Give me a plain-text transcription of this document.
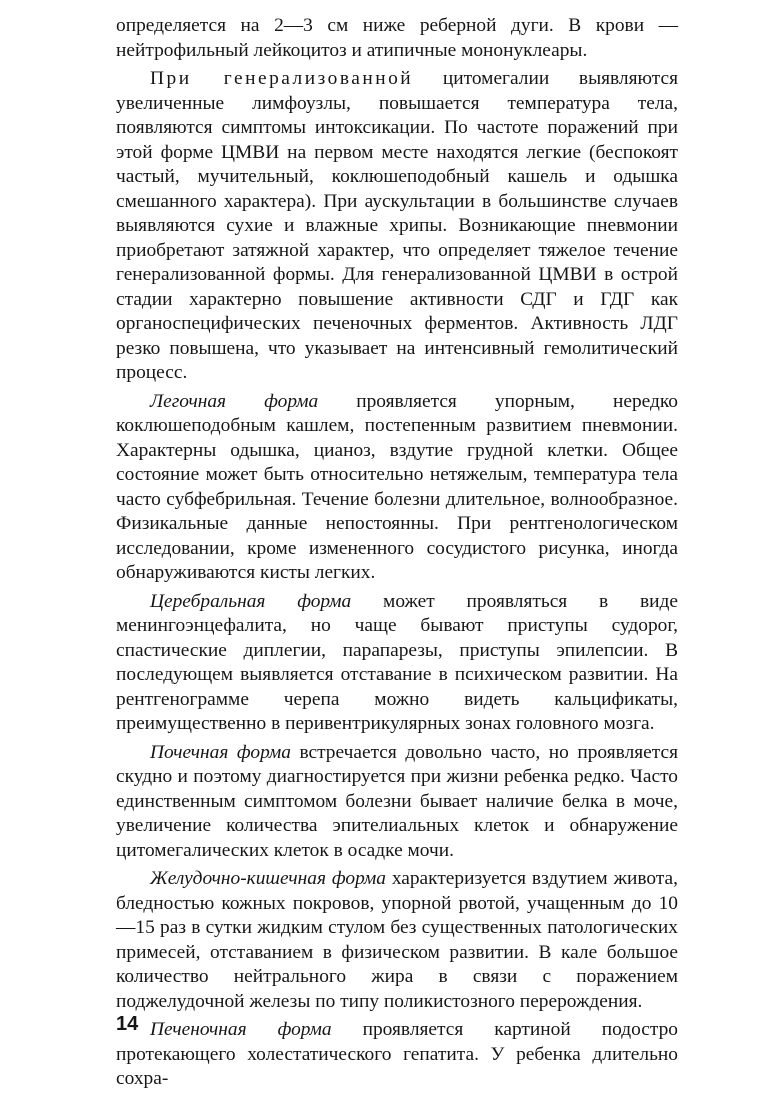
определяется на 2—3 см ниже реберной дуги. В крови — нейтрофильный лейкоцитоз и атипичные мононуклеары.

При генерализованной цитомегалии выявляются увеличенные лимфоузлы, повышается температура тела, появляются симптомы интоксикации. По частоте поражений при этой форме ЦМВИ на первом месте находятся легкие (беспокоят частый, мучительный, коклюшеподобный кашель и одышка смешанного характера). При аускультации в большинстве случаев выявляются сухие и влажные хрипы. Возникающие пневмонии приобретают затяжной характер, что определяет тяжелое течение генерализованной формы. Для генерализованной ЦМВИ в острой стадии характерно повышение активности СДГ и ГДГ как органоспецифических печеночных ферментов. Активность ЛДГ резко повышена, что указывает на интенсивный гемолитический процесс.

Легочная форма проявляется упорным, нередко коклюшеподобным кашлем, постепенным развитием пневмонии. Характерны одышка, цианоз, вздутие грудной клетки. Общее состояние может быть относительно нетяжелым, температура тела часто субфебрильная. Течение болезни длительное, волнообразное. Физикальные данные непостоянны. При рентгенологическом исследовании, кроме измененного сосудистого рисунка, иногда обнаруживаются кисты легких.

Церебральная форма может проявляться в виде менингоэнцефалита, но чаще бывают приступы судорог, спастические диплегии, парапарезы, приступы эпилепсии. В последующем выявляется отставание в психическом развитии. На рентгенограмме черепа можно видеть кальцификаты, преимущественно в перивентрикулярных зонах головного мозга.

Почечная форма встречается довольно часто, но проявляется скудно и поэтому диагностируется при жизни ребенка редко. Часто единственным симптомом болезни бывает наличие белка в моче, увеличение количества эпителиальных клеток и обнаружение цитомегалических клеток в осадке мочи.

Желудочно-кишечная форма характеризуется вздутием живота, бледностью кожных покровов, упорной рвотой, учащенным до 10—15 раз в сутки жидким стулом без существенных патологических примесей, отставанием в физическом развитии. В кале большое количество нейтрального жира в связи с поражением поджелудочной железы по типу поликистозного перерождения.

Печеночная форма проявляется картиной подостро протекающего холестатического гепатита. У ребенка длительно сохра-

14
